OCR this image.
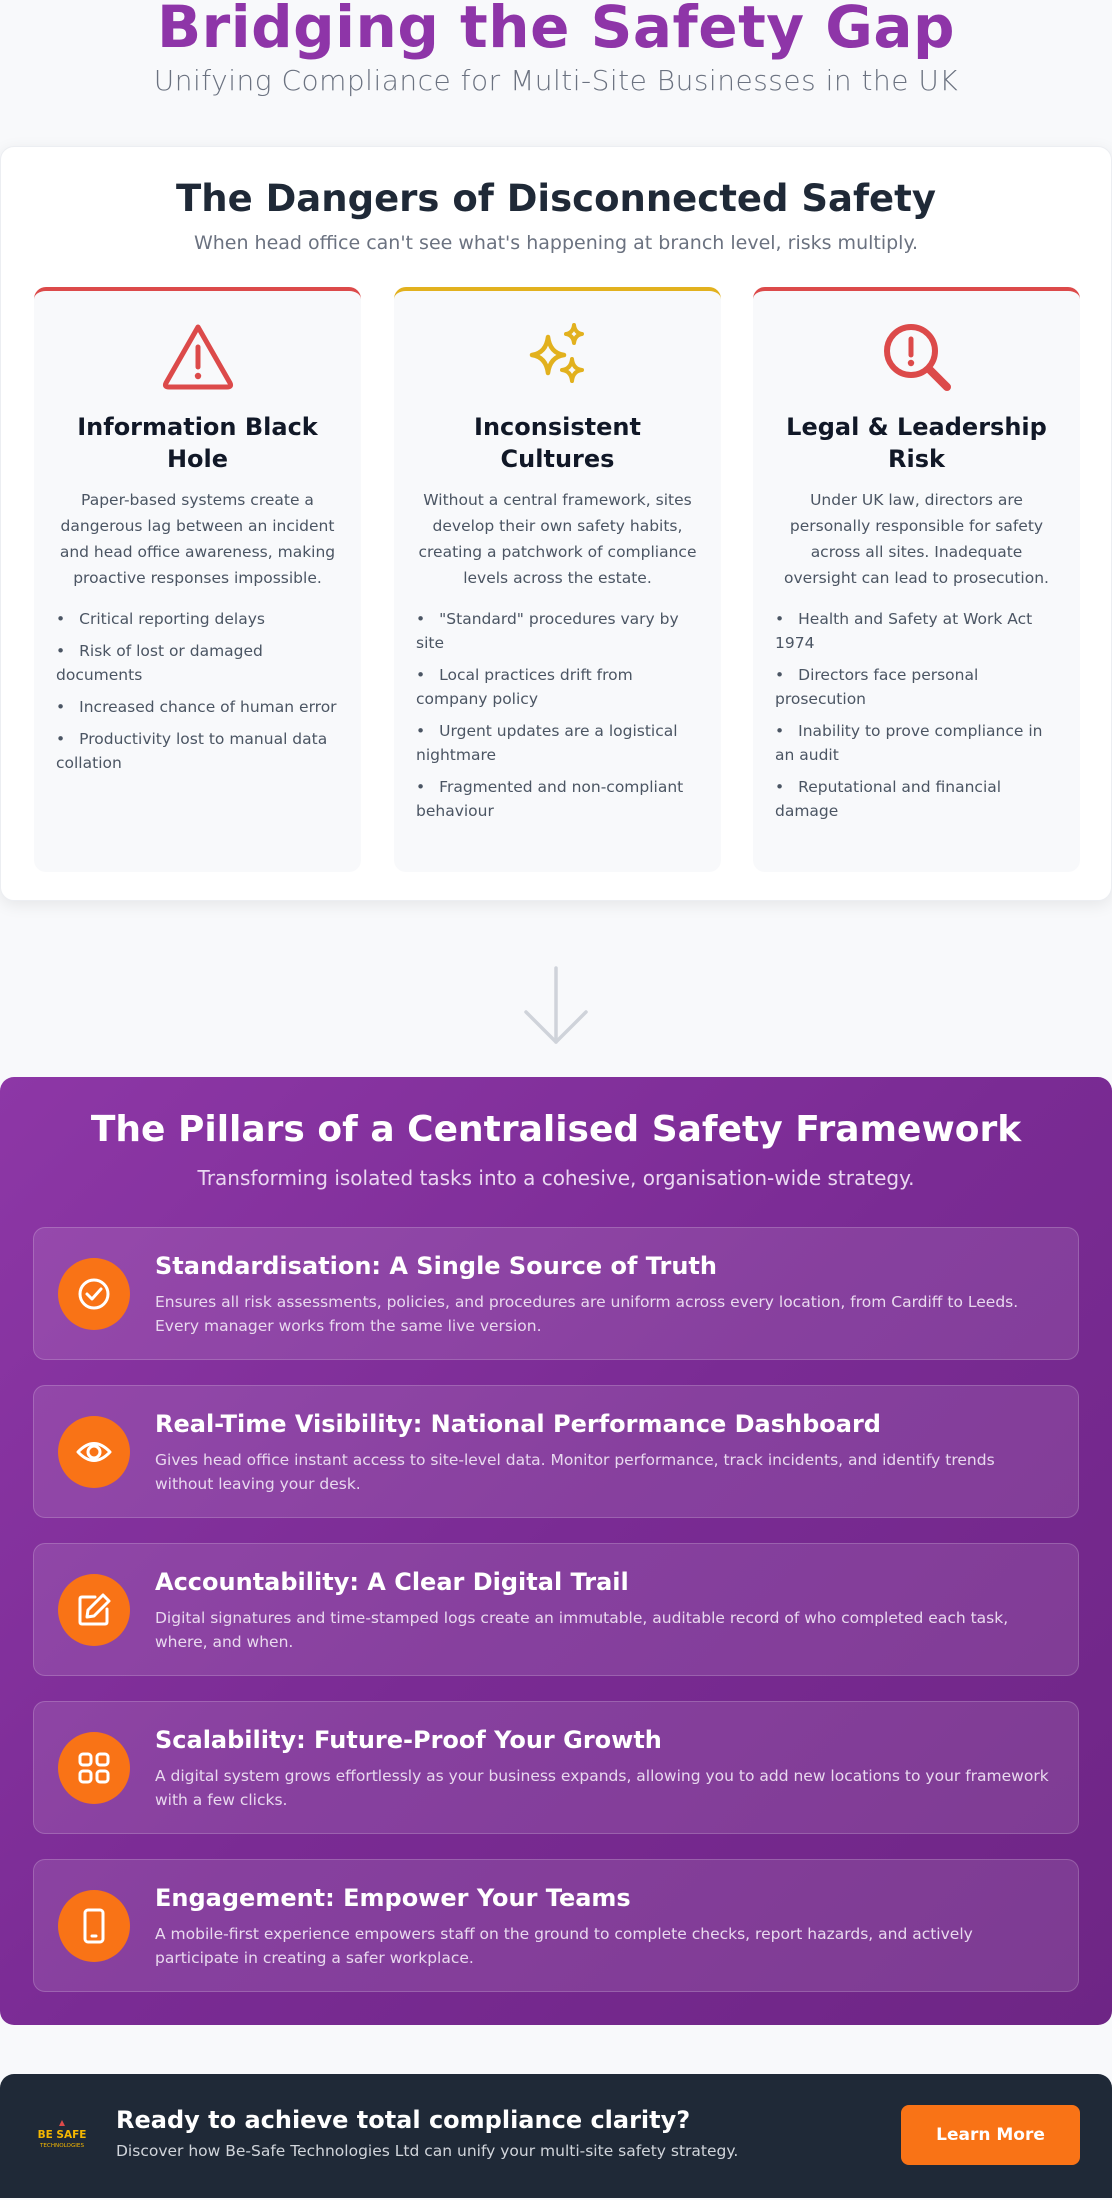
Bridging the Safety Gap

Unifying Compliance for Multi-Site Businesses in the UK

The Dangers of Disconnected Safety

When head office can't see what's happening at branch level, risks multiply.

Information Black Hole

Paper-based systems create a dangerous lag between an incident and head office awareness, making proactive responses impossible.

• Critical reporting delays
• Risk of lost or damaged documents
• Increased chance of human error
• Productivity lost to manual data collation
Inconsistent Cultures

Without a central framework, sites develop their own safety habits, creating a patchwork of compliance levels across the estate.

• "Standard" procedures vary by site
• Local practices drift from company policy
• Urgent updates are a logistical nightmare
• Fragmented and non-compliant behaviour
Legal & Leadership Risk

Under UK law, directors are personally responsible for safety across all sites. Inadequate oversight can lead to prosecution.

• Health and Safety at Work Act 1974
• Directors face personal prosecution
• Inability to prove compliance in an audit
• Reputational and financial damage
The Pillars of a Centralised Safety Framework

Transforming isolated tasks into a cohesive, organisation-wide strategy.

Standardisation: A Single Source of Truth

Ensures all risk assessments, policies, and procedures are uniform across every location, from Cardiff to Leeds. Every manager works from the same live version.

Real-Time Visibility: National Performance Dashboard

Gives head office instant access to site-level data. Monitor performance, track incidents, and identify trends without leaving your desk.

Accountability: A Clear Digital Trail

Digital signatures and time-stamped logs create an immutable, auditable record of who completed each task, where, and when.

Scalability: Future-Proof Your Growth

A digital system grows effortlessly as your business expands, allowing you to add new locations to your framework with a few clicks.

Engagement: Empower Your Teams

A mobile-first experience empowers staff on the ground to complete checks, report hazards, and actively participate in creating a safer workplace.

BE SAFE
TECHNOLOGIES
Ready to achieve total compliance clarity?

Discover how Be-Safe Technologies Ltd can unify your multi-site safety strategy.

Learn More
